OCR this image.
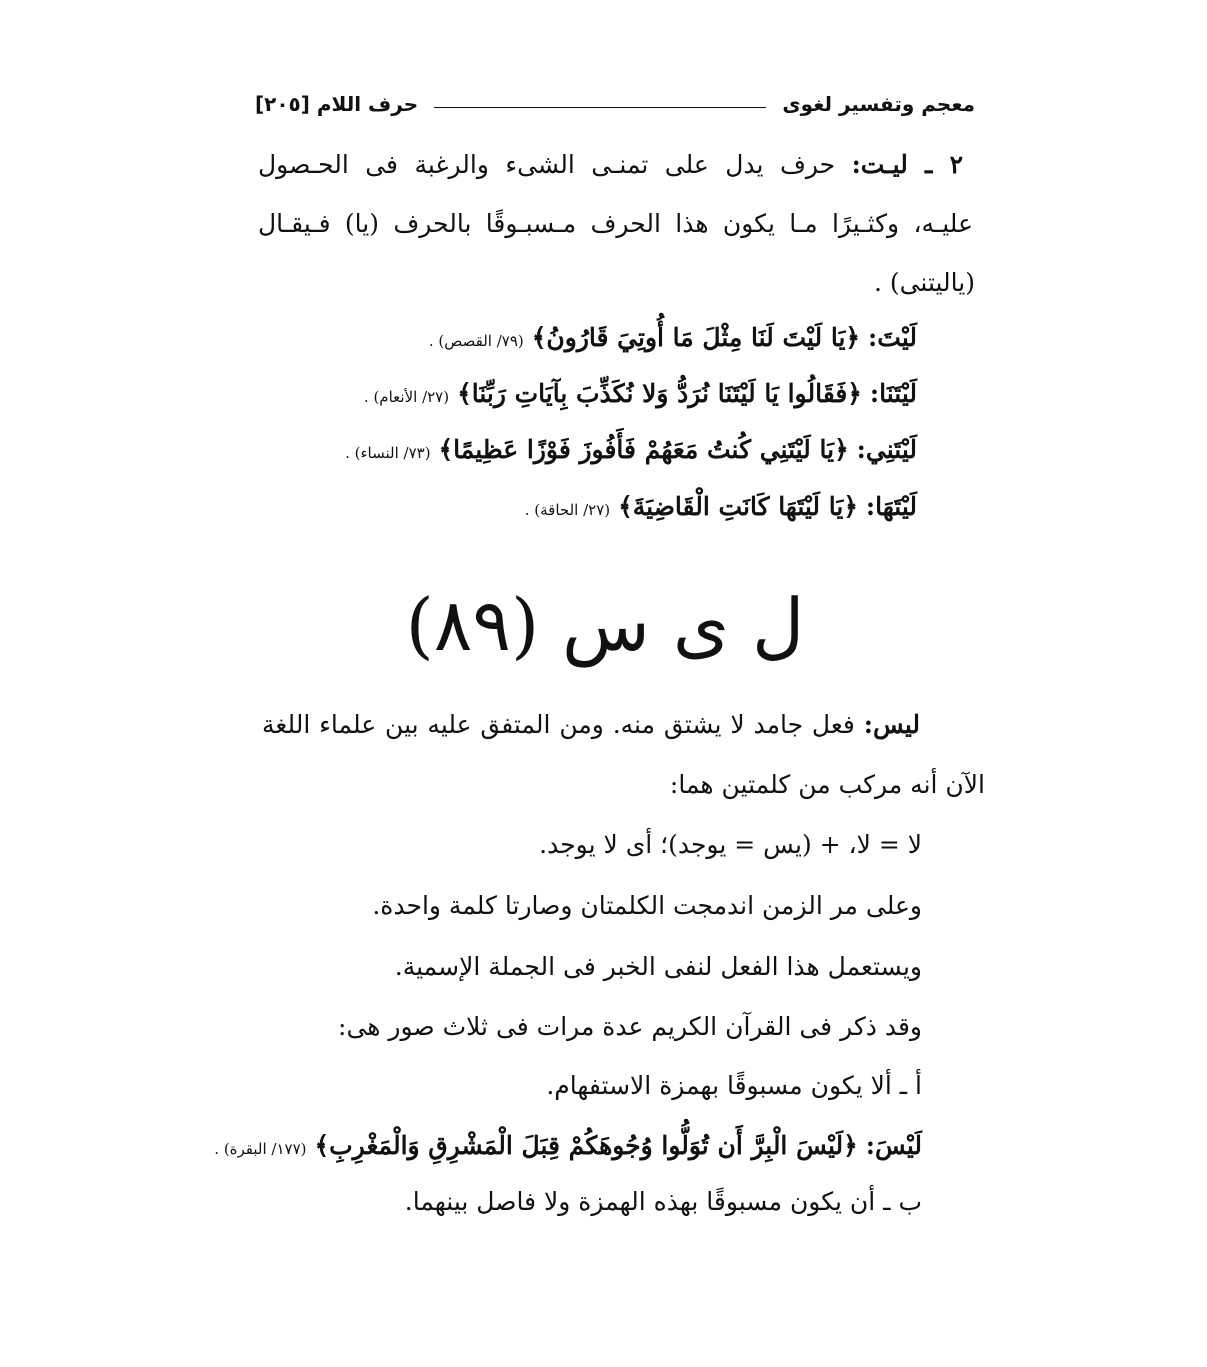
معجم وتفسير لغوى
حرف اللام [٢٠٥]
٢ ـ ليـت: حرف يدل على تمنـى الشىء والرغبة فى الحـصول
عليـه، وكثـيرًا مـا يكون هذا الحرف مـسبـوقًا بالحرف (يا) فـيقـال
(ياليتنى) .
لَيْتَ: ﴿يَا لَيْتَ لَنَا مِثْلَ مَا أُوتِيَ قَارُونُ﴾ (٧٩/ القصص) .
لَيْتَنَا: ﴿فَقَالُوا يَا لَيْتَنَا نُرَدُّ وَلا نُكَذِّبَ بِآيَاتِ رَبِّنَا﴾ (٢٧/ الأنعام) .
لَيْتَنِي: ﴿يَا لَيْتَنِي كُنتُ مَعَهُمْ فَأَفُوزَ فَوْزًا عَظِيمًا﴾ (٧٣/ النساء) .
لَيْتَهَا: ﴿يَا لَيْتَهَا كَانَتِ الْقَاضِيَةَ﴾ (٢٧/ الحاقة) .
ل ى س (٨٩)
ليس: فعل جامد لا يشتق منه. ومن المتفق عليه بين علماء اللغة
الآن أنه مركب من كلمتين هما:
لا = لا، + (يس = يوجد)؛ أى لا يوجد.
وعلى مر الزمن اندمجت الكلمتان وصارتا كلمة واحدة.
ويستعمل هذا الفعل لنفى الخبر فى الجملة الإسمية.
وقد ذكر فى القرآن الكريم عدة مرات فى ثلاث صور هى:
أ ـ ألا يكون مسبوقًا بهمزة الاستفهام.
لَيْسَ: ﴿لَيْسَ الْبِرَّ أَن تُوَلُّوا وُجُوهَكُمْ قِبَلَ الْمَشْرِقِ وَالْمَغْرِبِ﴾ (١٧٧/ البقرة) .
ب ـ أن يكون مسبوقًا بهذه الهمزة ولا فاصل بينهما.
